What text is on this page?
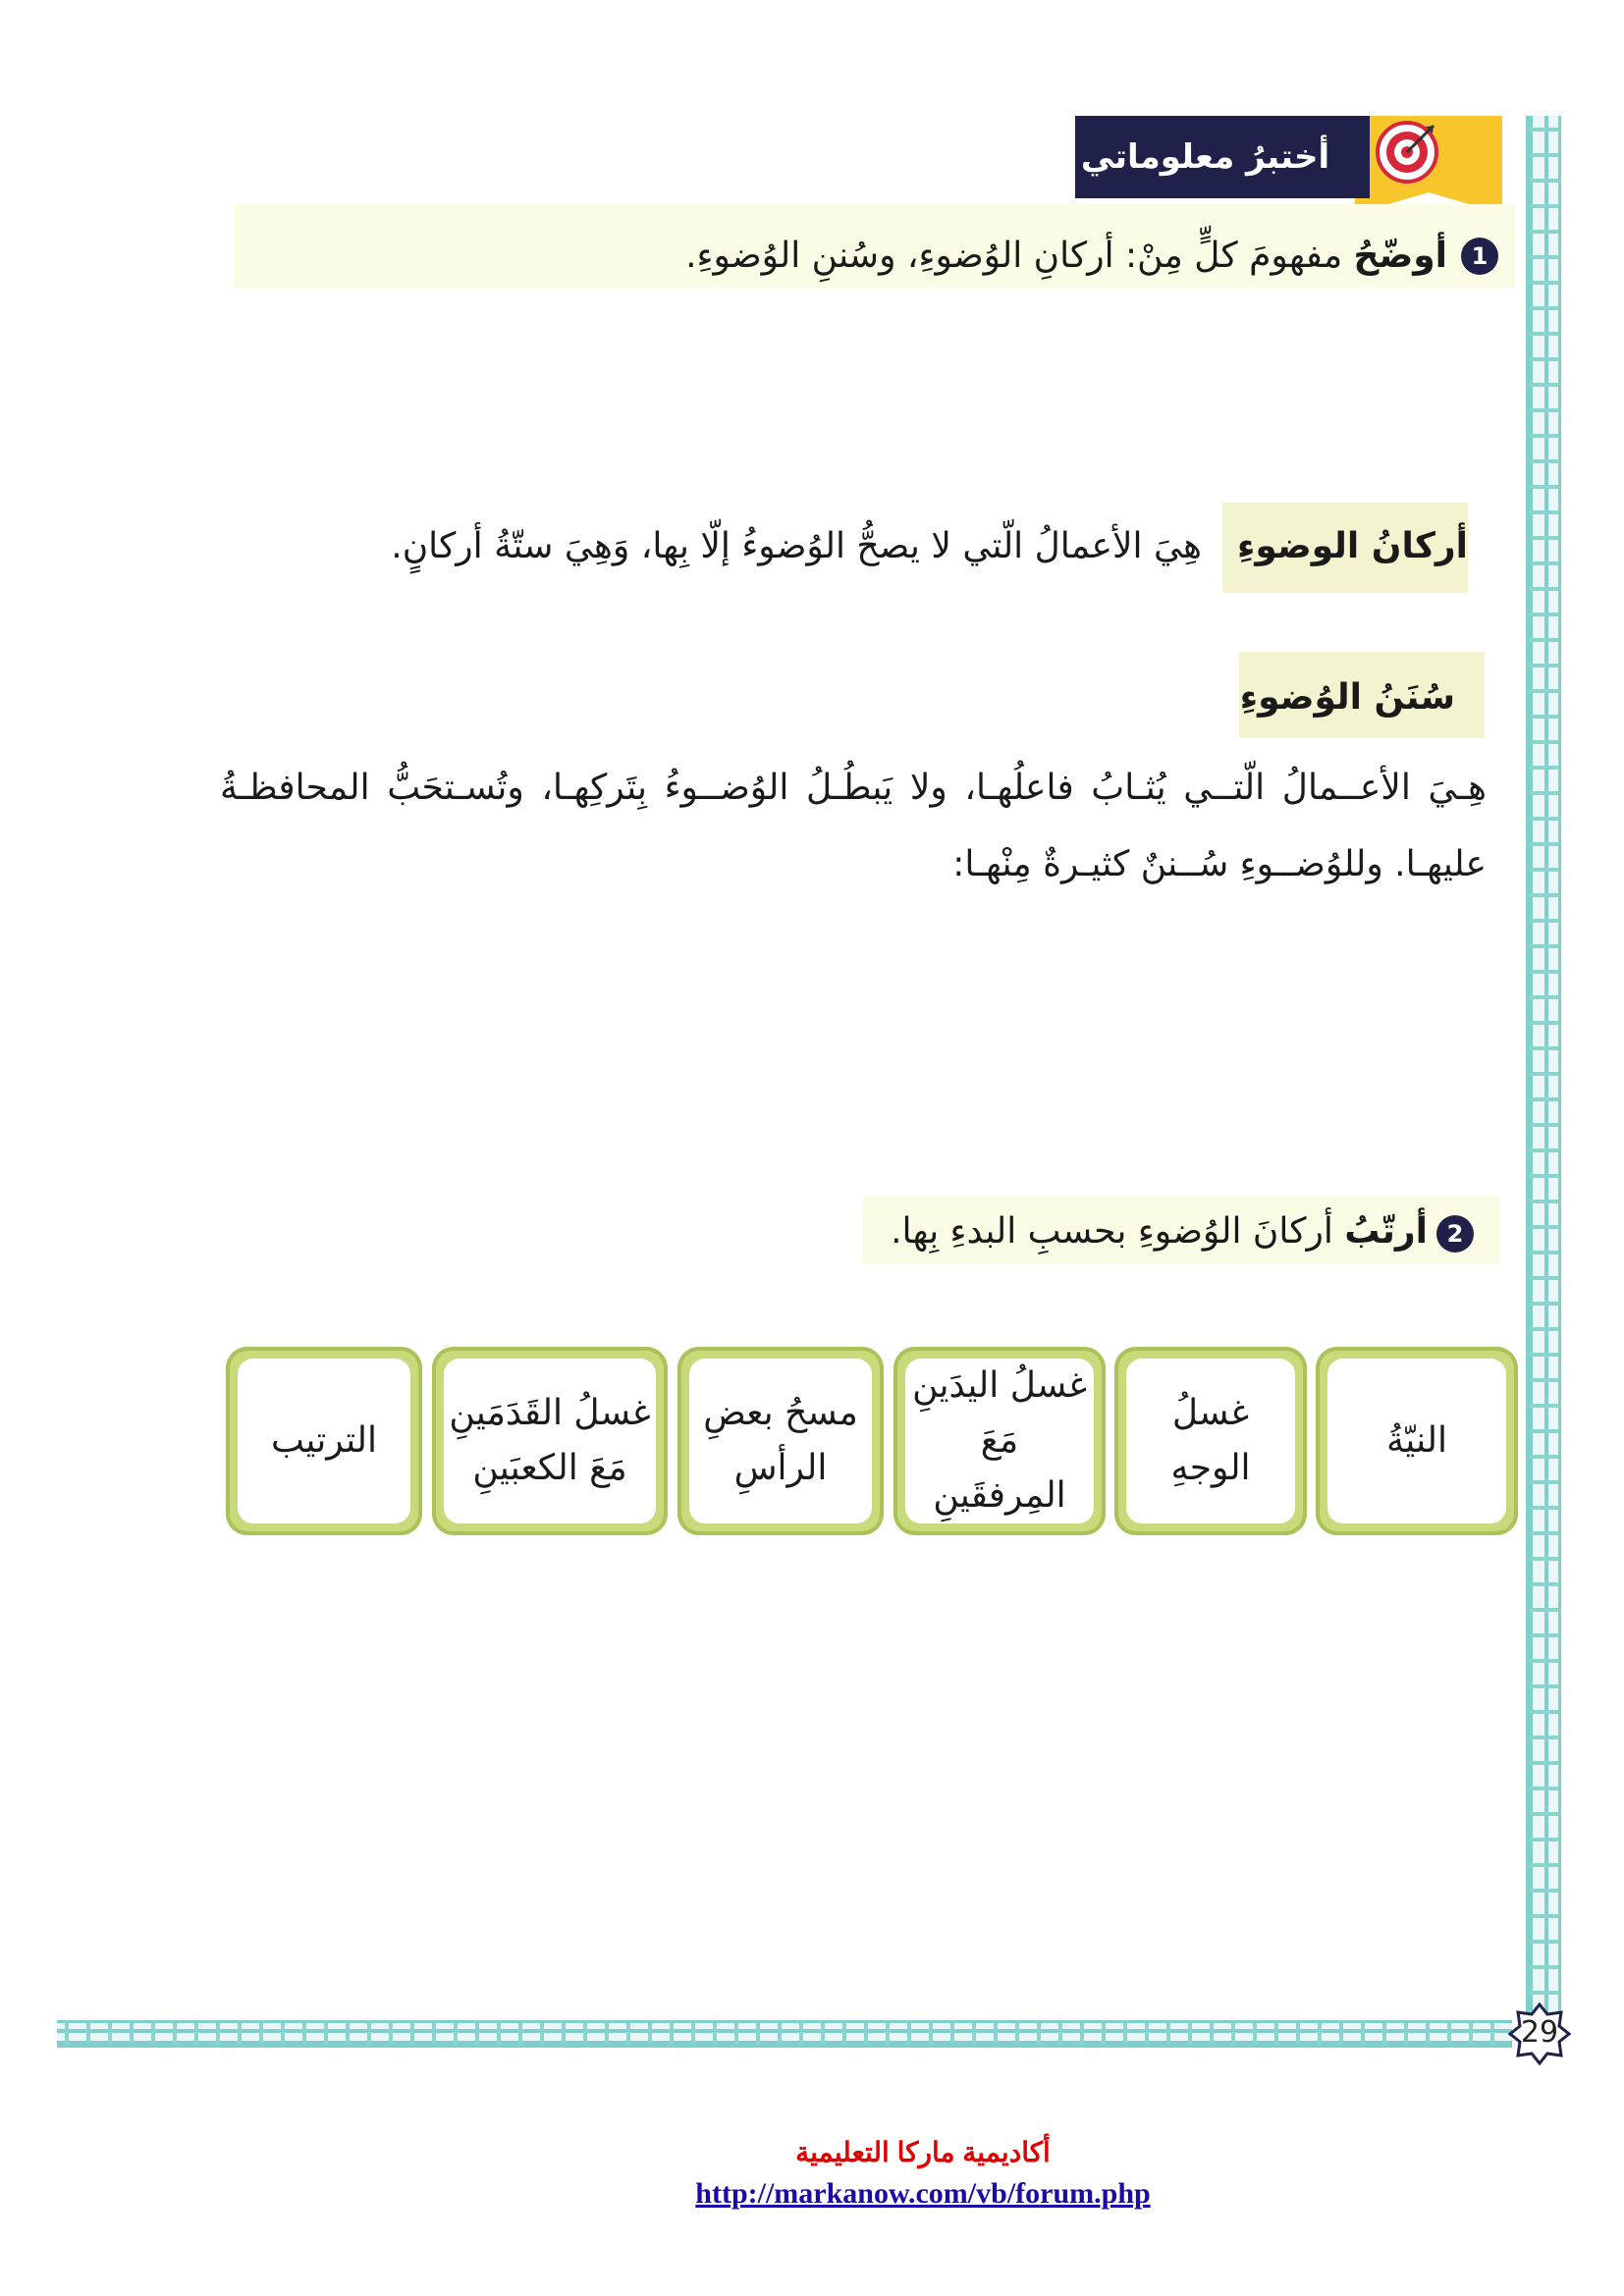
29
أختبرُ معلوماتي
1
أوضّحُ مفهومَ كلٍّ مِنْ: أركانِ الوُضوءِ، وسُننِ الوُضوءِ.
أركانُ الوضوءِ
هِيَ الأعمالُ الّتي لا يصحُّ الوُضوءُ إلّا بِها، وَهِيَ ستّةُ أركانٍ.
سُنَنُ الوُضوءِ
هِـيَ الأعــمالُ الّتــي يُثـابُ فاعلُهـا، ولا يَبطُـلُ الوُضــوءُ بِتَركِهـا، وتُسـتحَبُّ المحافظـةُ عليهـا. وللوُضــوءِ سُــننٌ كثيـرةٌ مِنْهـا:
2
أرتّبُ أركانَ الوُضوءِ بحسبِ البدءِ بِها.
النيّةُ
غسلُ الوجهِ
غسلُ اليدَينِ مَعَ المِرفقَينِ
مسحُ بعضِ الرأسِ
غسلُ القَدَمَينِ مَعَ الكعبَينِ
الترتيب
أكاديمية ماركا التعليمية
http://markanow.com/vb/forum.php
